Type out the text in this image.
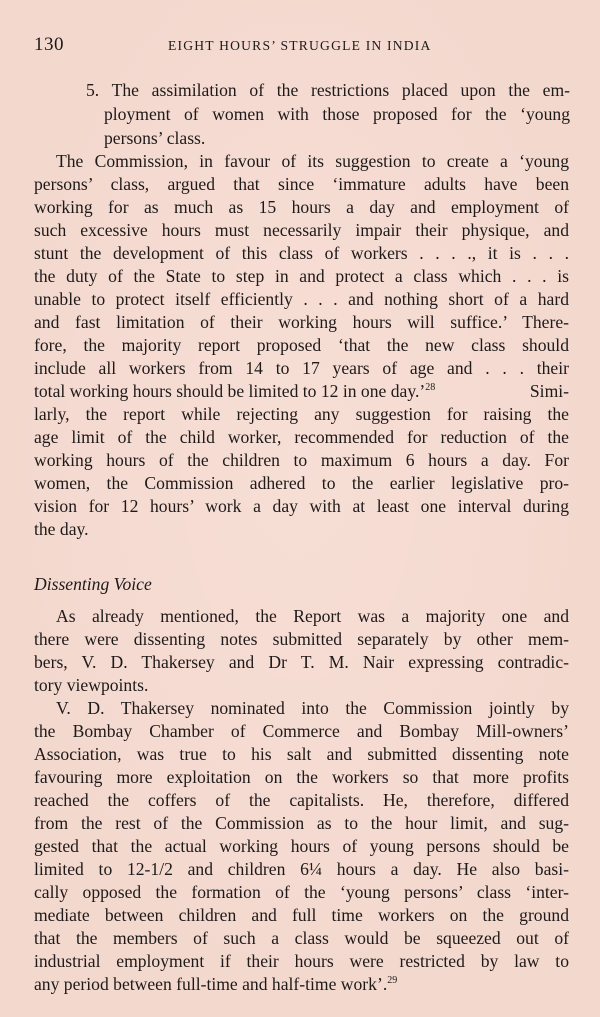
130	EIGHT HOURS’ STRUGGLE IN INDIA
5. The assimilation of the restrictions placed upon the em-
ployment of women with those proposed for the ‘young
persons’ class.
The Commission, in favour of its suggestion to create a ‘young
persons’ class, argued that since ‘immature adults have been
working for as much as 15 hours a day and employment of
such excessive hours must necessarily impair their physique, and
stunt the development of this class of workers . . . ., it is . . .
the duty of the State to step in and protect a class which . . . is
unable to protect itself efficiently . . . and nothing short of a hard
and fast limitation of their working hours will suffice.’ There-
fore, the majority report proposed ‘that the new class should
include all workers from 14 to 17 years of age and . . . their
total working hours should be limited to 12 in one day.’$^{28}$	Simi-
larly, the report while rejecting any suggestion for raising the
age limit of the child worker, recommended for reduction of the
working hours of the children to maximum 6 hours a day. For
women, the Commission adhered to the earlier legislative pro-
vision for 12 hours’ work a day with at least one interval during
the day.
Dissenting Voice
As already mentioned, the Report was a majority one and
there were dissenting notes submitted separately by other mem-
bers, V. D. Thakersey and Dr T. M. Nair expressing contradic-
tory viewpoints.
V. D. Thakersey nominated into the Commission jointly by
the Bombay Chamber of Commerce and Bombay Mill-owners’
Association, was true to his salt and submitted dissenting note
favouring more exploitation on the workers so that more profits
reached the coffers of the capitalists. He, therefore, differed
from the rest of the Commission as to the hour limit, and sug-
gested that the actual working hours of young persons should be
limited to 12-1/2 and children 6¼ hours a day. He also basi-
cally opposed the formation of the ‘young persons’ class ‘inter-
mediate between children and full time workers on the ground
that the members of such a class would be squeezed out of
industrial employment if their hours were restricted by law to
any period between full-time and half-time work’.$^{29}$
